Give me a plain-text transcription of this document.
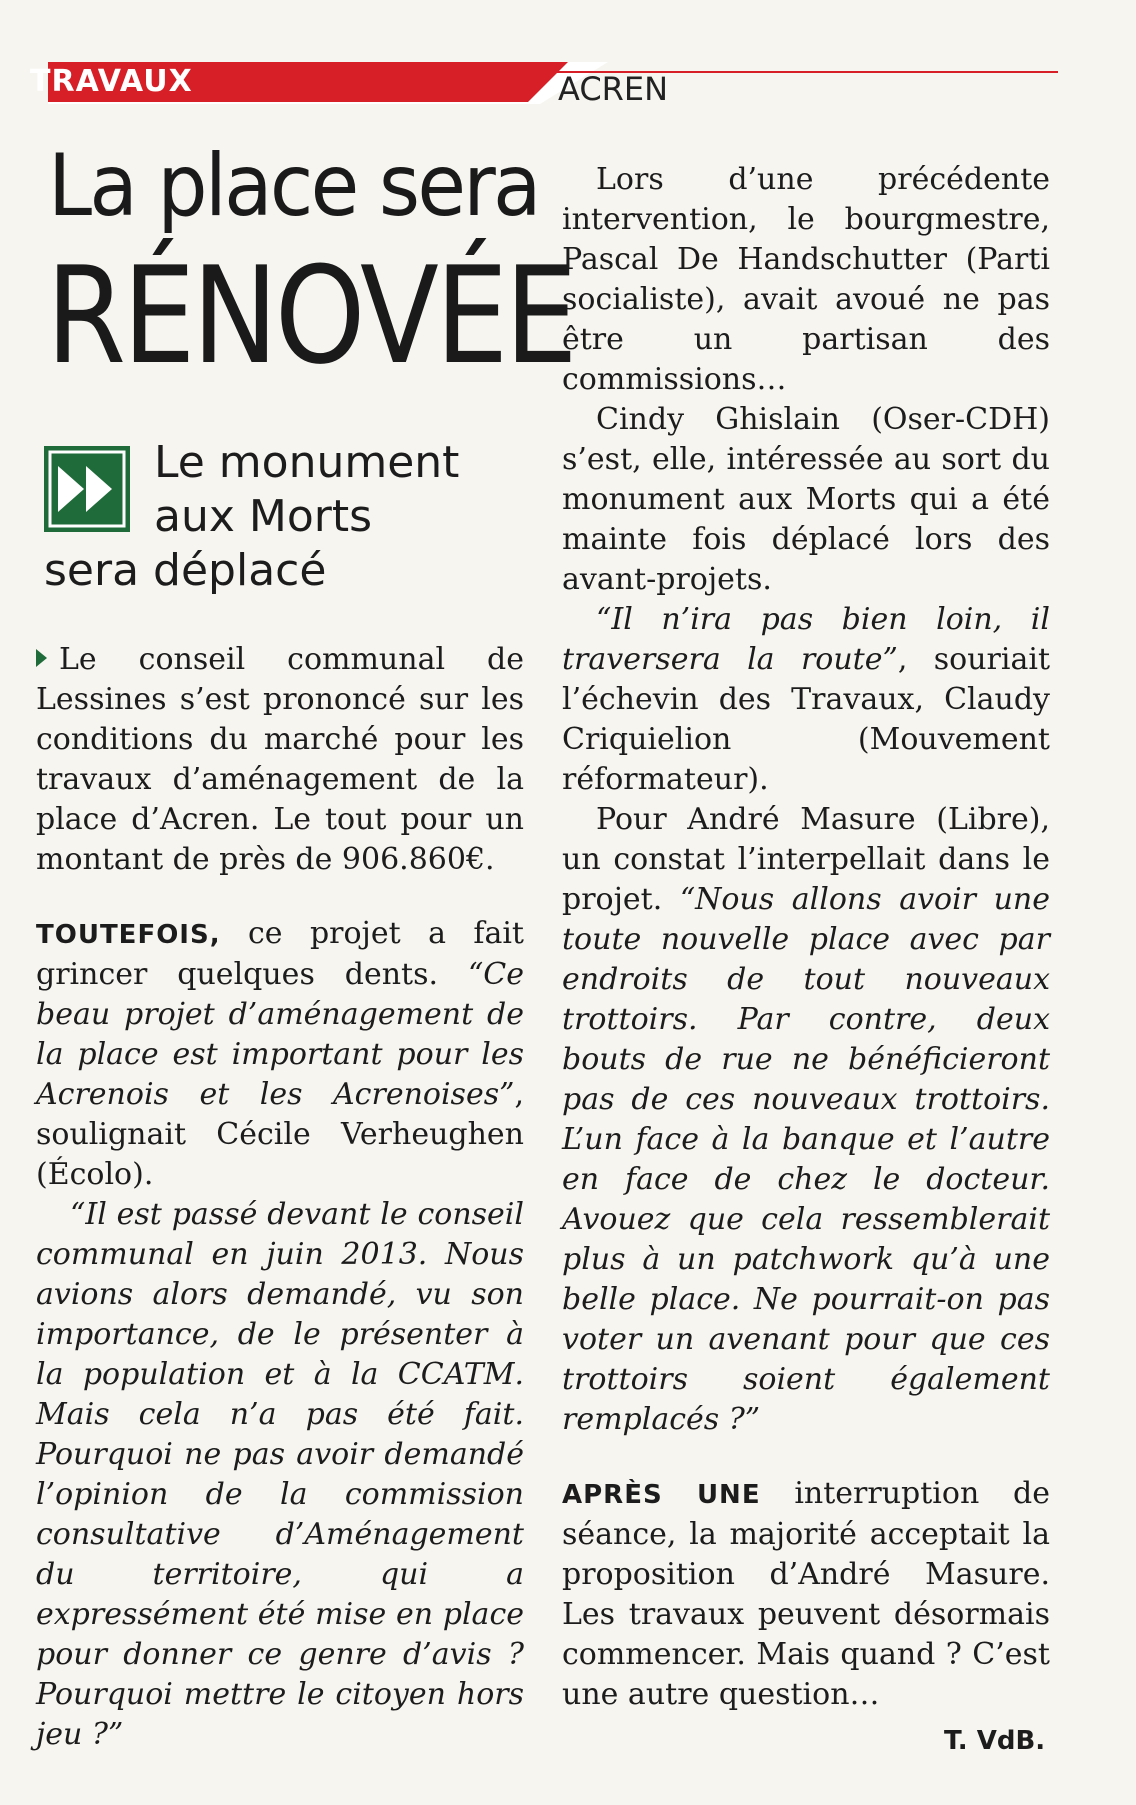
TRAVAUX	ACREN
La place sera
RÉNOVÉE
Le monument
aux Morts
sera déplacé

Le conseil communal de Lessines s’est prononcé sur les conditions du marché pour les travaux d’aménagement de la place d’Acren. Le tout pour un montant de près de 906.860€.

TOUTEFOIS, ce projet a fait grincer quelques dents. “Ce beau projet d’aménagement de la place est important pour les Acrenois et les Acrenoises”, soulignait Cécile Verheughen (Écolo).

“Il est passé devant le conseil communal en juin 2013. Nous avions alors demandé, vu son importance, de le présenter à la population et à la CCATM. Mais cela n’a pas été fait. Pourquoi ne pas avoir demandé l’opinion de la commission consultative d’Aménagement du territoire, qui a expressément été mise en place pour donner ce genre d’avis ? Pourquoi mettre le citoyen hors jeu ?”

Lors d’une précédente intervention, le bourgmestre, Pascal De Handschutter (Parti socialiste), avait avoué ne pas être un partisan des commissions…

Cindy Ghislain (Oser-CDH) s’est, elle, intéressée au sort du monument aux Morts qui a été mainte fois déplacé lors des avant-projets.

“Il n’ira pas bien loin, il traversera la route”, souriait l’échevin des Travaux, Claudy Criquielion (Mouvement réformateur).

Pour André Masure (Libre), un constat l’interpellait dans le projet. “Nous allons avoir une toute nouvelle place avec par endroits de tout nouveaux trottoirs. Par contre, deux bouts de rue ne bénéficieront pas de ces nouveaux trottoirs. L’un face à la banque et l’autre en face de chez le docteur. Avouez que cela ressemblerait plus à un patchwork qu’à une belle place. Ne pourrait-on pas voter un avenant pour que ces trottoirs soient également remplacés ?”

APRÈS UNE interruption de séance, la majorité acceptait la proposition d’André Masure. Les travaux peuvent désormais commencer. Mais quand ? C’est une autre question…

T. VdB.
